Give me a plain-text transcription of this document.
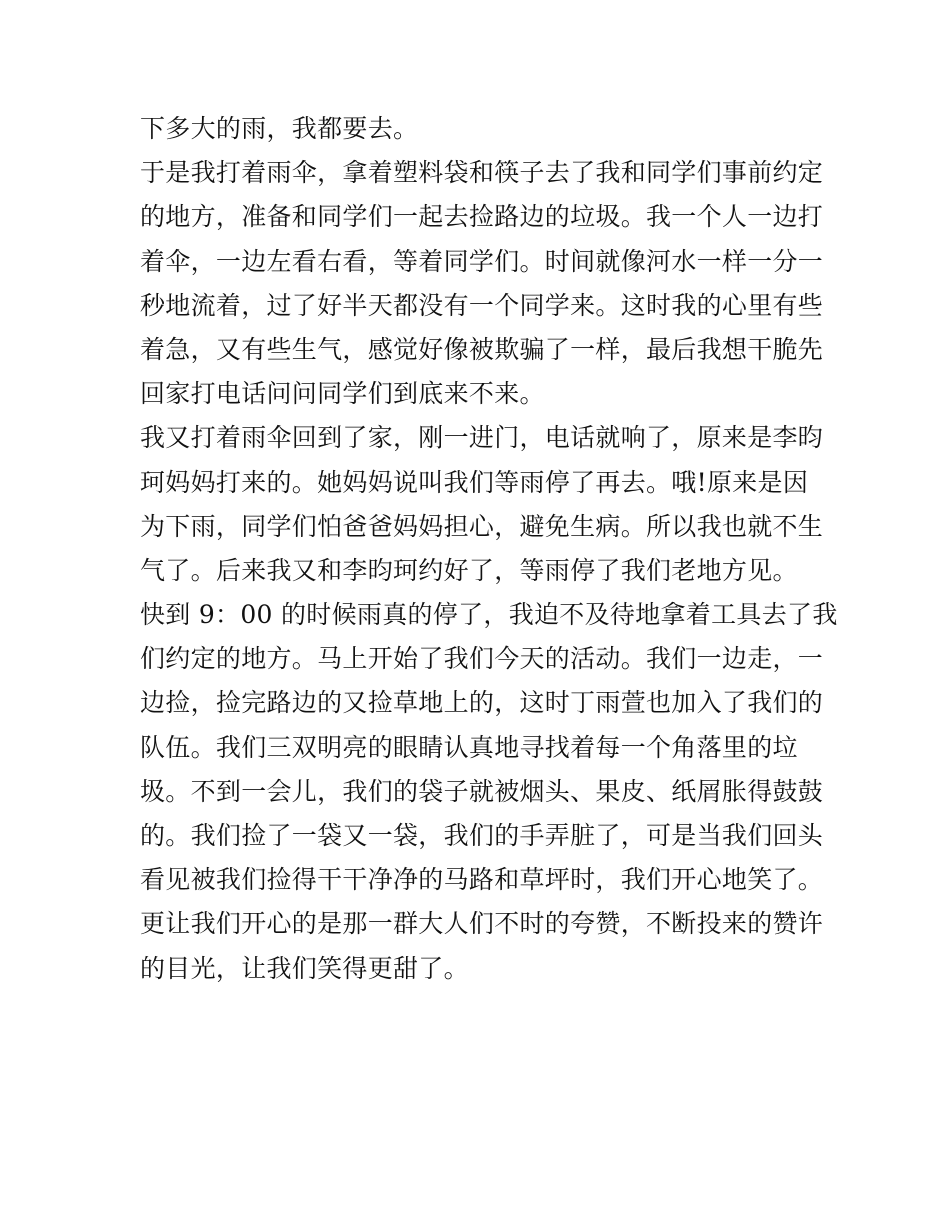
下多大的雨，我都要去。
于是我打着雨伞，拿着塑料袋和筷子去了我和同学们事前约定
的地方，准备和同学们一起去捡路边的垃圾。我一个人一边打
着伞，一边左看右看，等着同学们。时间就像河水一样一分一
秒地流着，过了好半天都没有一个同学来。这时我的心里有些
着急，又有些生气，感觉好像被欺骗了一样，最后我想干脆先
回家打电话问问同学们到底来不来。
我又打着雨伞回到了家，刚一进门，电话就响了，原来是李昀
珂妈妈打来的。她妈妈说叫我们等雨停了再去。哦!原来是因
为下雨，同学们怕爸爸妈妈担心，避免生病。所以我也就不生
气了。后来我又和李昀珂约好了，等雨停了我们老地方见。
快到 9：00 的时候雨真的停了，我迫不及待地拿着工具去了我
们约定的地方。马上开始了我们今天的活动。我们一边走，一
边捡，捡完路边的又捡草地上的，这时丁雨萱也加入了我们的
队伍。我们三双明亮的眼睛认真地寻找着每一个角落里的垃
圾。不到一会儿，我们的袋子就被烟头、果皮、纸屑胀得鼓鼓
的。我们捡了一袋又一袋，我们的手弄脏了，可是当我们回头
看见被我们捡得干干净净的马路和草坪时，我们开心地笑了。
更让我们开心的是那一群大人们不时的夸赞，不断投来的赞许
的目光，让我们笑得更甜了。
